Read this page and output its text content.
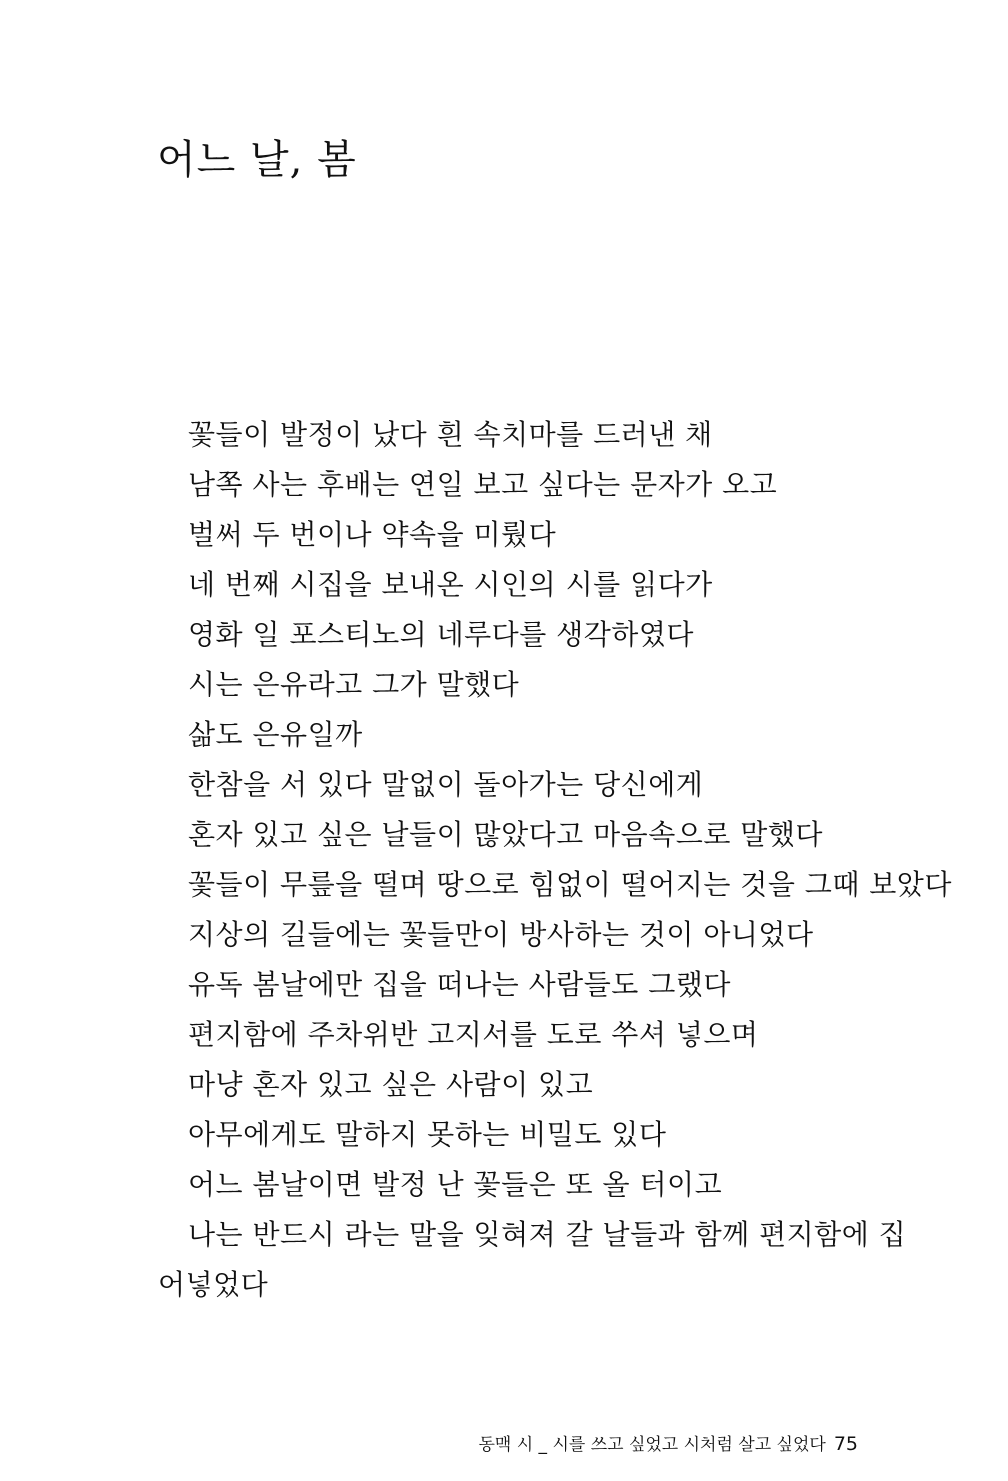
어느 날, 봄
꽃들이 발정이 났다 흰 속치마를 드러낸 채
남쪽 사는 후배는 연일 보고 싶다는 문자가 오고
벌써 두 번이나 약속을 미뤘다
네 번째 시집을 보내온 시인의 시를 읽다가
영화 일 포스티노의 네루다를 생각하였다
시는 은유라고 그가 말했다
삶도 은유일까
한참을 서 있다 말없이 돌아가는 당신에게
혼자 있고 싶은 날들이 많았다고 마음속으로 말했다
꽃들이 무릎을 떨며 땅으로 힘없이 떨어지는 것을 그때 보았다
지상의 길들에는 꽃들만이 방사하는 것이 아니었다
유독 봄날에만 집을 떠나는 사람들도 그랬다
편지함에 주차위반 고지서를 도로 쑤셔 넣으며
마냥 혼자 있고 싶은 사람이 있고
아무에게도 말하지 못하는 비밀도 있다
어느 봄날이면 발정 난 꽃들은 또 올 터이고
나는 반드시 라는 말을 잊혀져 갈 날들과 함께 편지함에 집
어넣었다
동맥 시 _ 시를 쓰고 싶었고 시처럼 살고 싶었다 75
